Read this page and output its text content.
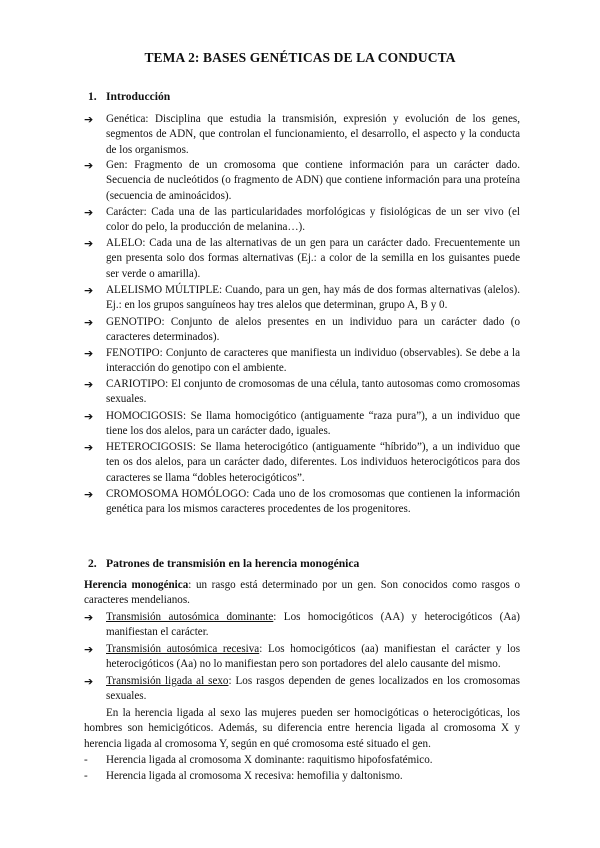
TEMA 2: BASES GENÉTICAS DE LA CONDUCTA
1. Introducción
➔ Genética: Disciplina que estudia la transmisión, expresión y evolución de los genes, segmentos de ADN, que controlan el funcionamiento, el desarrollo, el aspecto y la conducta de los organismos.
➔ Gen: Fragmento de un cromosoma que contiene información para un carácter dado. Secuencia de nucleótidos (o fragmento de ADN) que contiene información para una proteína (secuencia de aminoácidos).
➔ Carácter: Cada una de las particularidades morfológicas y fisiológicas de un ser vivo (el color do pelo, la producción de melanina…).
➔ ALELO: Cada una de las alternativas de un gen para un carácter dado. Frecuentemente un gen presenta solo dos formas alternativas (Ej.: a color de la semilla en los guisantes puede ser verde o amarilla).
➔ ALELISMO MÚLTIPLE: Cuando, para un gen, hay más de dos formas alternativas (alelos). Ej.: en los grupos sanguíneos hay tres alelos que determinan, grupo A, B y 0.
➔ GENOTIPO: Conjunto de alelos presentes en un individuo para un carácter dado (o caracteres determinados).
➔ FENOTIPO: Conjunto de caracteres que manifiesta un individuo (observables). Se debe a la interacción do genotipo con el ambiente.
➔ CARIOTIPO: El conjunto de cromosomas de una célula, tanto autosomas como cromosomas sexuales.
➔ HOMOCIGOSIS: Se llama homocigótico (antiguamente “raza pura”), a un individuo que tiene los dos alelos, para un carácter dado, iguales.
➔ HETEROCIGOSIS: Se llama heterocigótico (antiguamente “híbrido”), a un individuo que ten os dos alelos, para un carácter dado, diferentes. Los individuos heterocigóticos para dos caracteres se llama “dobles heterocigóticos”.
➔ CROMOSOMA HOMÓLOGO: Cada uno de los cromosomas que contienen la información genética para los mismos caracteres procedentes de los progenitores.
2. Patrones de transmisión en la herencia monogénica
Herencia monogénica: un rasgo está determinado por un gen. Son conocidos como rasgos o caracteres mendelianos.
➔ Transmisión autosómica dominante: Los homocigóticos (AA) y heterocigóticos (Aa) manifiestan el carácter.
➔ Transmisión autosómica recesiva: Los homocigóticos (aa) manifiestan el carácter y los heterocigóticos (Aa) no lo manifiestan pero son portadores del alelo causante del mismo.
➔ Transmisión ligada al sexo: Los rasgos dependen de genes localizados en los cromosomas sexuales.
En la herencia ligada al sexo las mujeres pueden ser homocigóticas o heterocigóticas, los hombres son hemicigóticos. Además, su diferencia entre herencia ligada al cromosoma X y herencia ligada al cromosoma Y, según en qué cromosoma esté situado el gen.
- Herencia ligada al cromosoma X dominante: raquitismo hipofosfatémico.
- Herencia ligada al cromosoma X recesiva: hemofilia y daltonismo.
